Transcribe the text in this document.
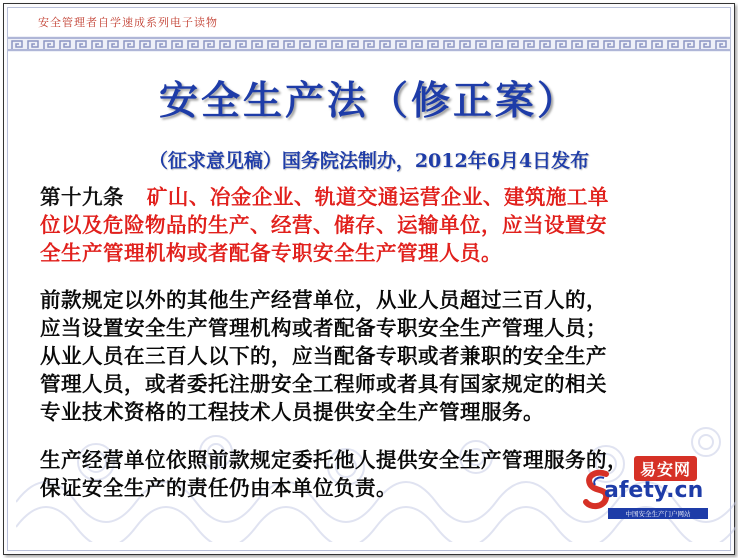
安全管理者自学速成系列电子读物
安全生产法（修正案）
（征求意见稿）国务院法制办，2012年6月4日发布
第十九条 矿山、冶金企业、轨道交通运营企业、建筑施工单
位以及危险物品的生产、经营、储存、运输单位，应当设置安
全生产管理机构或者配备专职安全生产管理人员。
前款规定以外的其他生产经营单位，从业人员超过三百人的，
应当设置安全生产管理机构或者配备专职安全生产管理人员；
从业人员在三百人以下的，应当配备专职或者兼职的安全生产
管理人员，或者委托注册安全工程师或者具有国家规定的相关
专业技术资格的工程技术人员提供安全生产管理服务。
生产经营单位依照前款规定委托他人提供安全生产管理服务的，
保证安全生产的责任仍由本单位负责。
易安网
afety.cn
中国安全生产门户网站
